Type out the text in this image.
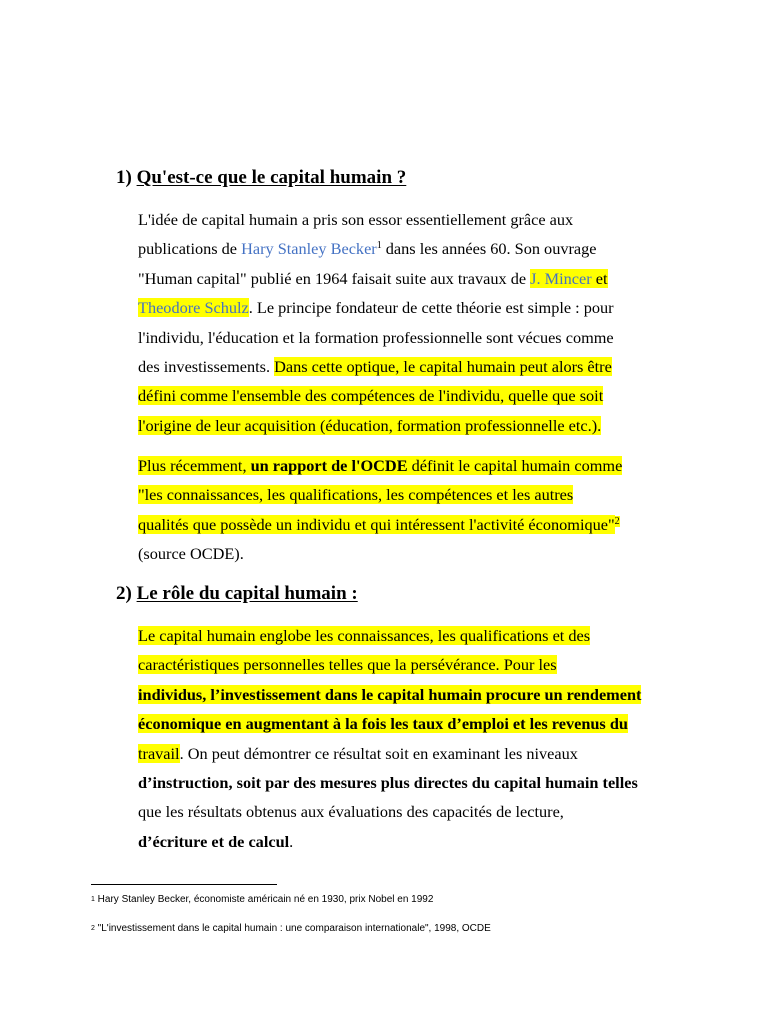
1) Qu'est-ce que le capital humain ?
L'idée de capital humain a pris son essor essentiellement grâce aux
publications de Hary Stanley Becker$^1$ dans les années 60. Son ouvrage
"Human capital" publié en 1964 faisait suite aux travaux de J. Mincer et
Theodore Schulz. Le principe fondateur de cette théorie est simple : pour
l'individu, l'éducation et la formation professionnelle sont vécues comme
des investissements. Dans cette optique, le capital humain peut alors être
défini comme l'ensemble des compétences de l'individu, quelle que soit
l'origine de leur acquisition (éducation, formation professionnelle etc.).
Plus récemment, un rapport de l'OCDE définit le capital humain comme
"les connaissances, les qualifications, les compétences et les autres
qualités que possède un individu et qui intéressent l'activité économique"$^2$
(source OCDE).
2) Le rôle du capital humain :
Le capital humain englobe les connaissances, les qualifications et des
caractéristiques personnelles telles que la persévérance. Pour les
individus, l’investissement dans le capital humain procure un rendement
économique en augmentant à la fois les taux d’emploi et les revenus du
travail. On peut démontrer ce résultat soit en examinant les niveaux
d’instruction, soit par des mesures plus directes du capital humain telles
que les résultats obtenus aux évaluations des capacités de lecture,
d’écriture et de calcul.
$^1$ Hary Stanley Becker, économiste américain né en 1930, prix Nobel en 1992
$^2$ "L'investissement dans le capital humain : une comparaison internationale", 1998, OCDE
